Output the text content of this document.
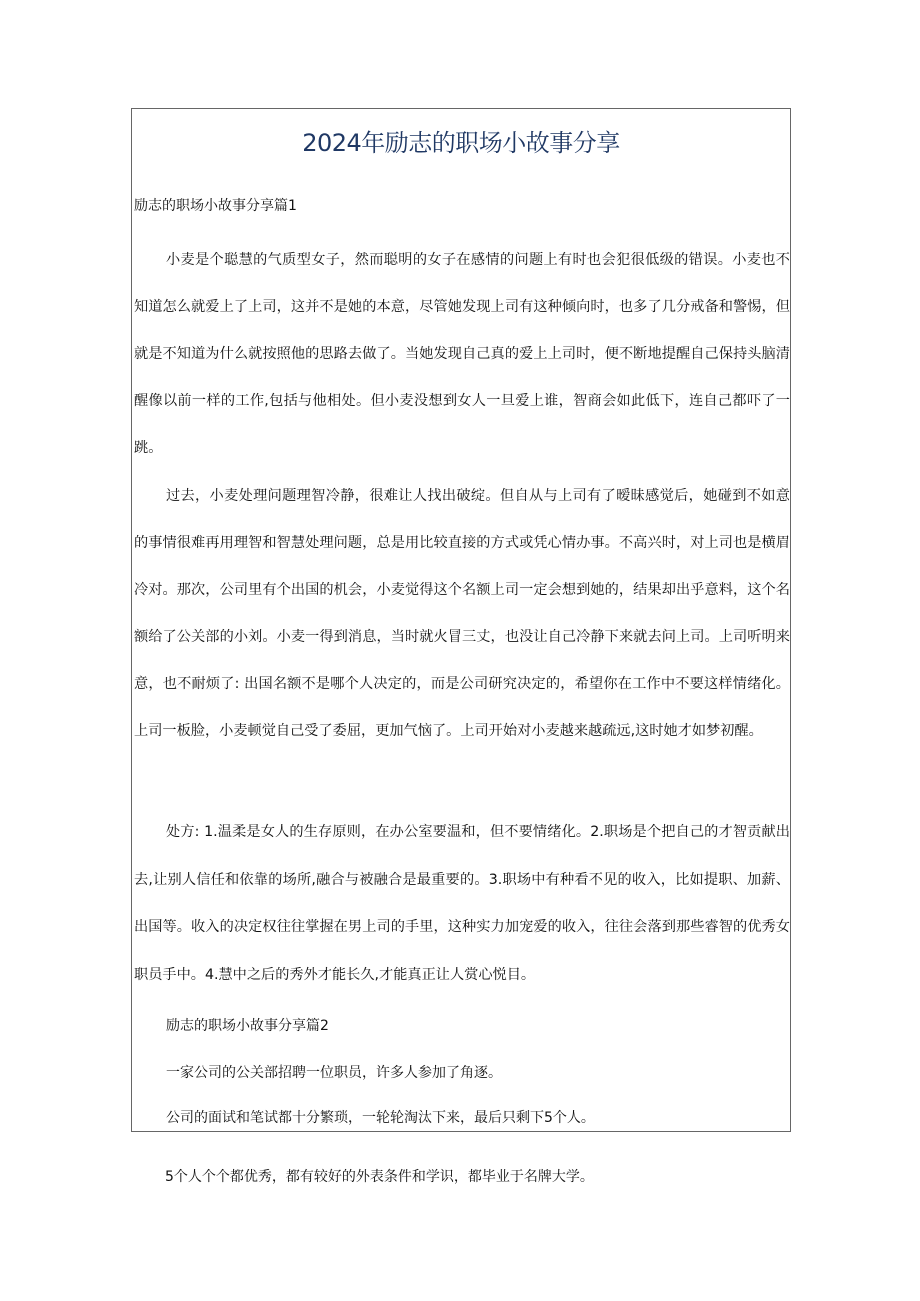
2024年励志的职场小故事分享
励志的职场小故事分享篇1

小麦是个聪慧的气质型女子，然而聪明的女子在感情的问题上有时也会犯很低级的错误。小麦也不知道怎么就爱上了上司，这并不是她的本意，尽管她发现上司有这种倾向时，也多了几分戒备和警惕，但就是不知道为什么就按照他的思路去做了。当她发现自己真的爱上上司时，便不断地提醒自己保持头脑清醒像以前一样的工作,包括与他相处。但小麦没想到女人一旦爱上谁，智商会如此低下，连自己都吓了一跳。

过去，小麦处理问题理智冷静，很难让人找出破绽。但自从与上司有了暧昧感觉后，她碰到不如意的事情很难再用理智和智慧处理问题，总是用比较直接的方式或凭心情办事。不高兴时，对上司也是横眉冷对。那次，公司里有个出国的机会，小麦觉得这个名额上司一定会想到她的，结果却出乎意料，这个名额给了公关部的小刘。小麦一得到消息，当时就火冒三丈，也没让自己冷静下来就去问上司。上司听明来意，也不耐烦了: 出国名额不是哪个人决定的，而是公司研究决定的，希望你在工作中不要这样情绪化。上司一板脸，小麦顿觉自己受了委屈，更加气恼了。上司开始对小麦越来越疏远,这时她才如梦初醒。

处方: 1.温柔是女人的生存原则，在办公室要温和，但不要情绪化。2.职场是个把自己的才智贡献出去,让别人信任和依靠的场所,融合与被融合是最重要的。3.职场中有种看不见的收入，比如提职、加薪、出国等。收入的决定权往往掌握在男上司的手里，这种实力加宠爱的收入，往往会落到那些睿智的优秀女职员手中。4.慧中之后的秀外才能长久,才能真正让人赏心悦目。

励志的职场小故事分享篇2

一家公司的公关部招聘一位职员，许多人参加了角逐。

公司的面试和笔试都十分繁琐，一轮轮淘汰下来，最后只剩下5个人。

5个人个个都优秀，都有较好的外表条件和学识，都毕业于名牌大学。
